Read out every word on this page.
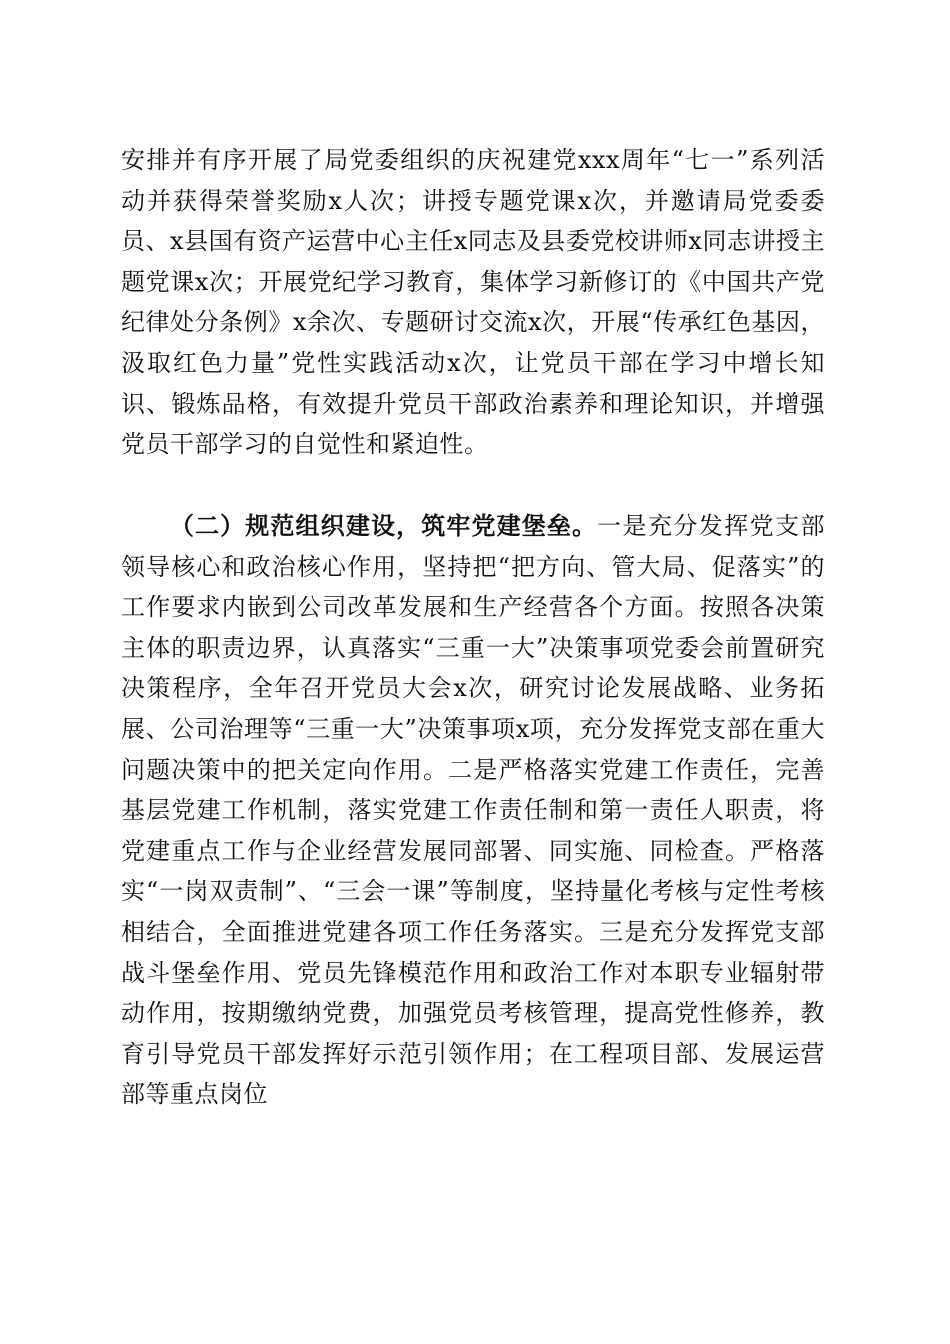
安排并有序开展了局党委组织的庆祝建党xxx周年“七一”系列活动并获得荣誉奖励x人次；讲授专题党课x次，并邀请局党委委员、x县国有资产运营中心主任x同志及县委党校讲师x同志讲授主题党课x次；开展党纪学习教育，集体学习新修订的《中国共产党纪律处分条例》x余次、专题研讨交流x次，开展“传承红色基因，汲取红色力量”党性实践活动x次，让党员干部在学习中增长知识、锻炼品格，有效提升党员干部政治素养和理论知识，并增强党员干部学习的自觉性和紧迫性。
（二）规范组织建设，筑牢党建堡垒。一是充分发挥党支部领导核心和政治核心作用，坚持把“把方向、管大局、促落实”的工作要求内嵌到公司改革发展和生产经营各个方面。按照各决策主体的职责边界，认真落实“三重一大”决策事项党委会前置研究决策程序，全年召开党员大会x次，研究讨论发展战略、业务拓展、公司治理等“三重一大”决策事项x项，充分发挥党支部在重大问题决策中的把关定向作用。二是严格落实党建工作责任，完善基层党建工作机制，落实党建工作责任制和第一责任人职责，将党建重点工作与企业经营发展同部署、同实施、同检查。严格落实“一岗双责制”、“三会一课”等制度，坚持量化考核与定性考核相结合，全面推进党建各项工作任务落实。三是充分发挥党支部战斗堡垒作用、党员先锋模范作用和政治工作对本职专业辐射带动作用，按期缴纳党费，加强党员考核管理，提高党性修养，教育引导党员干部发挥好示范引领作用；在工程项目部、发展运营部等重点岗位
